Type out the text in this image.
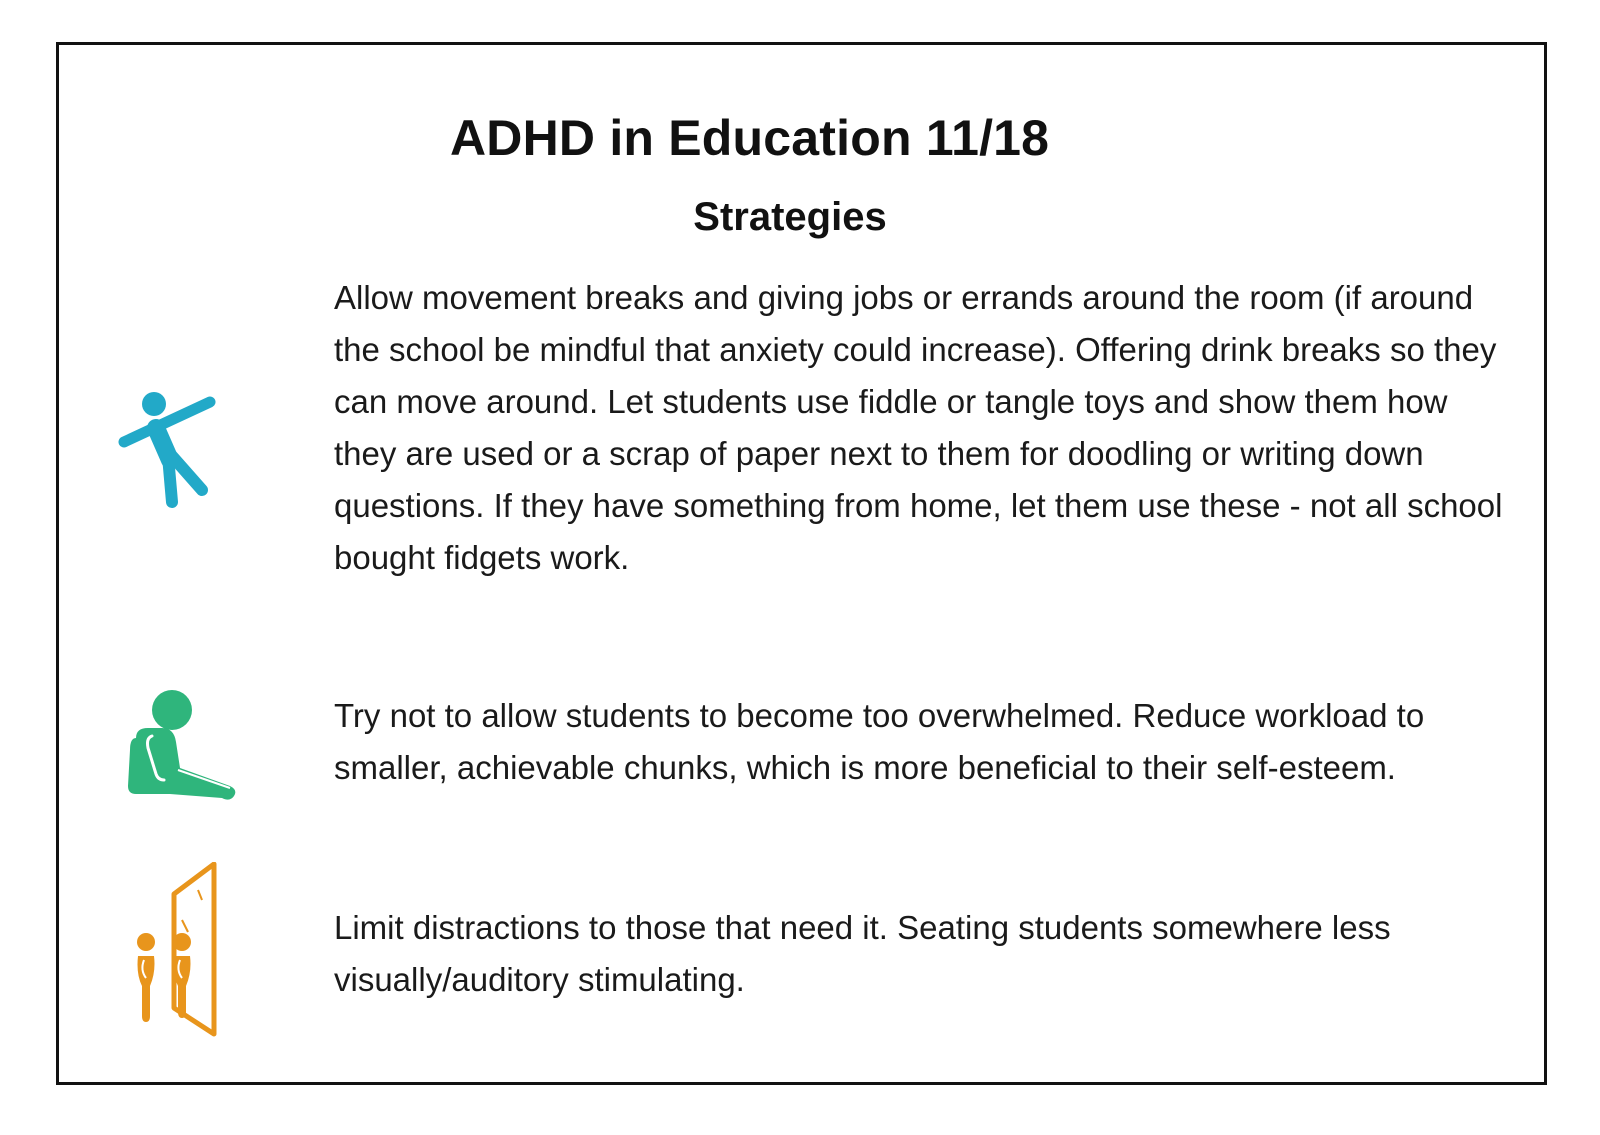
ADHD in Education 11/18
Strategies
Allow movement breaks and giving jobs or errands around the room (if around the school be mindful that anxiety could increase). Offering drink breaks so they can move around. Let students use fiddle or tangle toys and show them how they are used or a scrap of paper next to them for doodling or writing down questions. If they have something from home, let them use these - not all school bought fidgets work.
Try not to allow students to become too overwhelmed. Reduce workload to smaller, achievable chunks, which is more beneficial to their self-esteem.
Limit distractions to those that need it. Seating students somewhere less visually/auditory stimulating.
